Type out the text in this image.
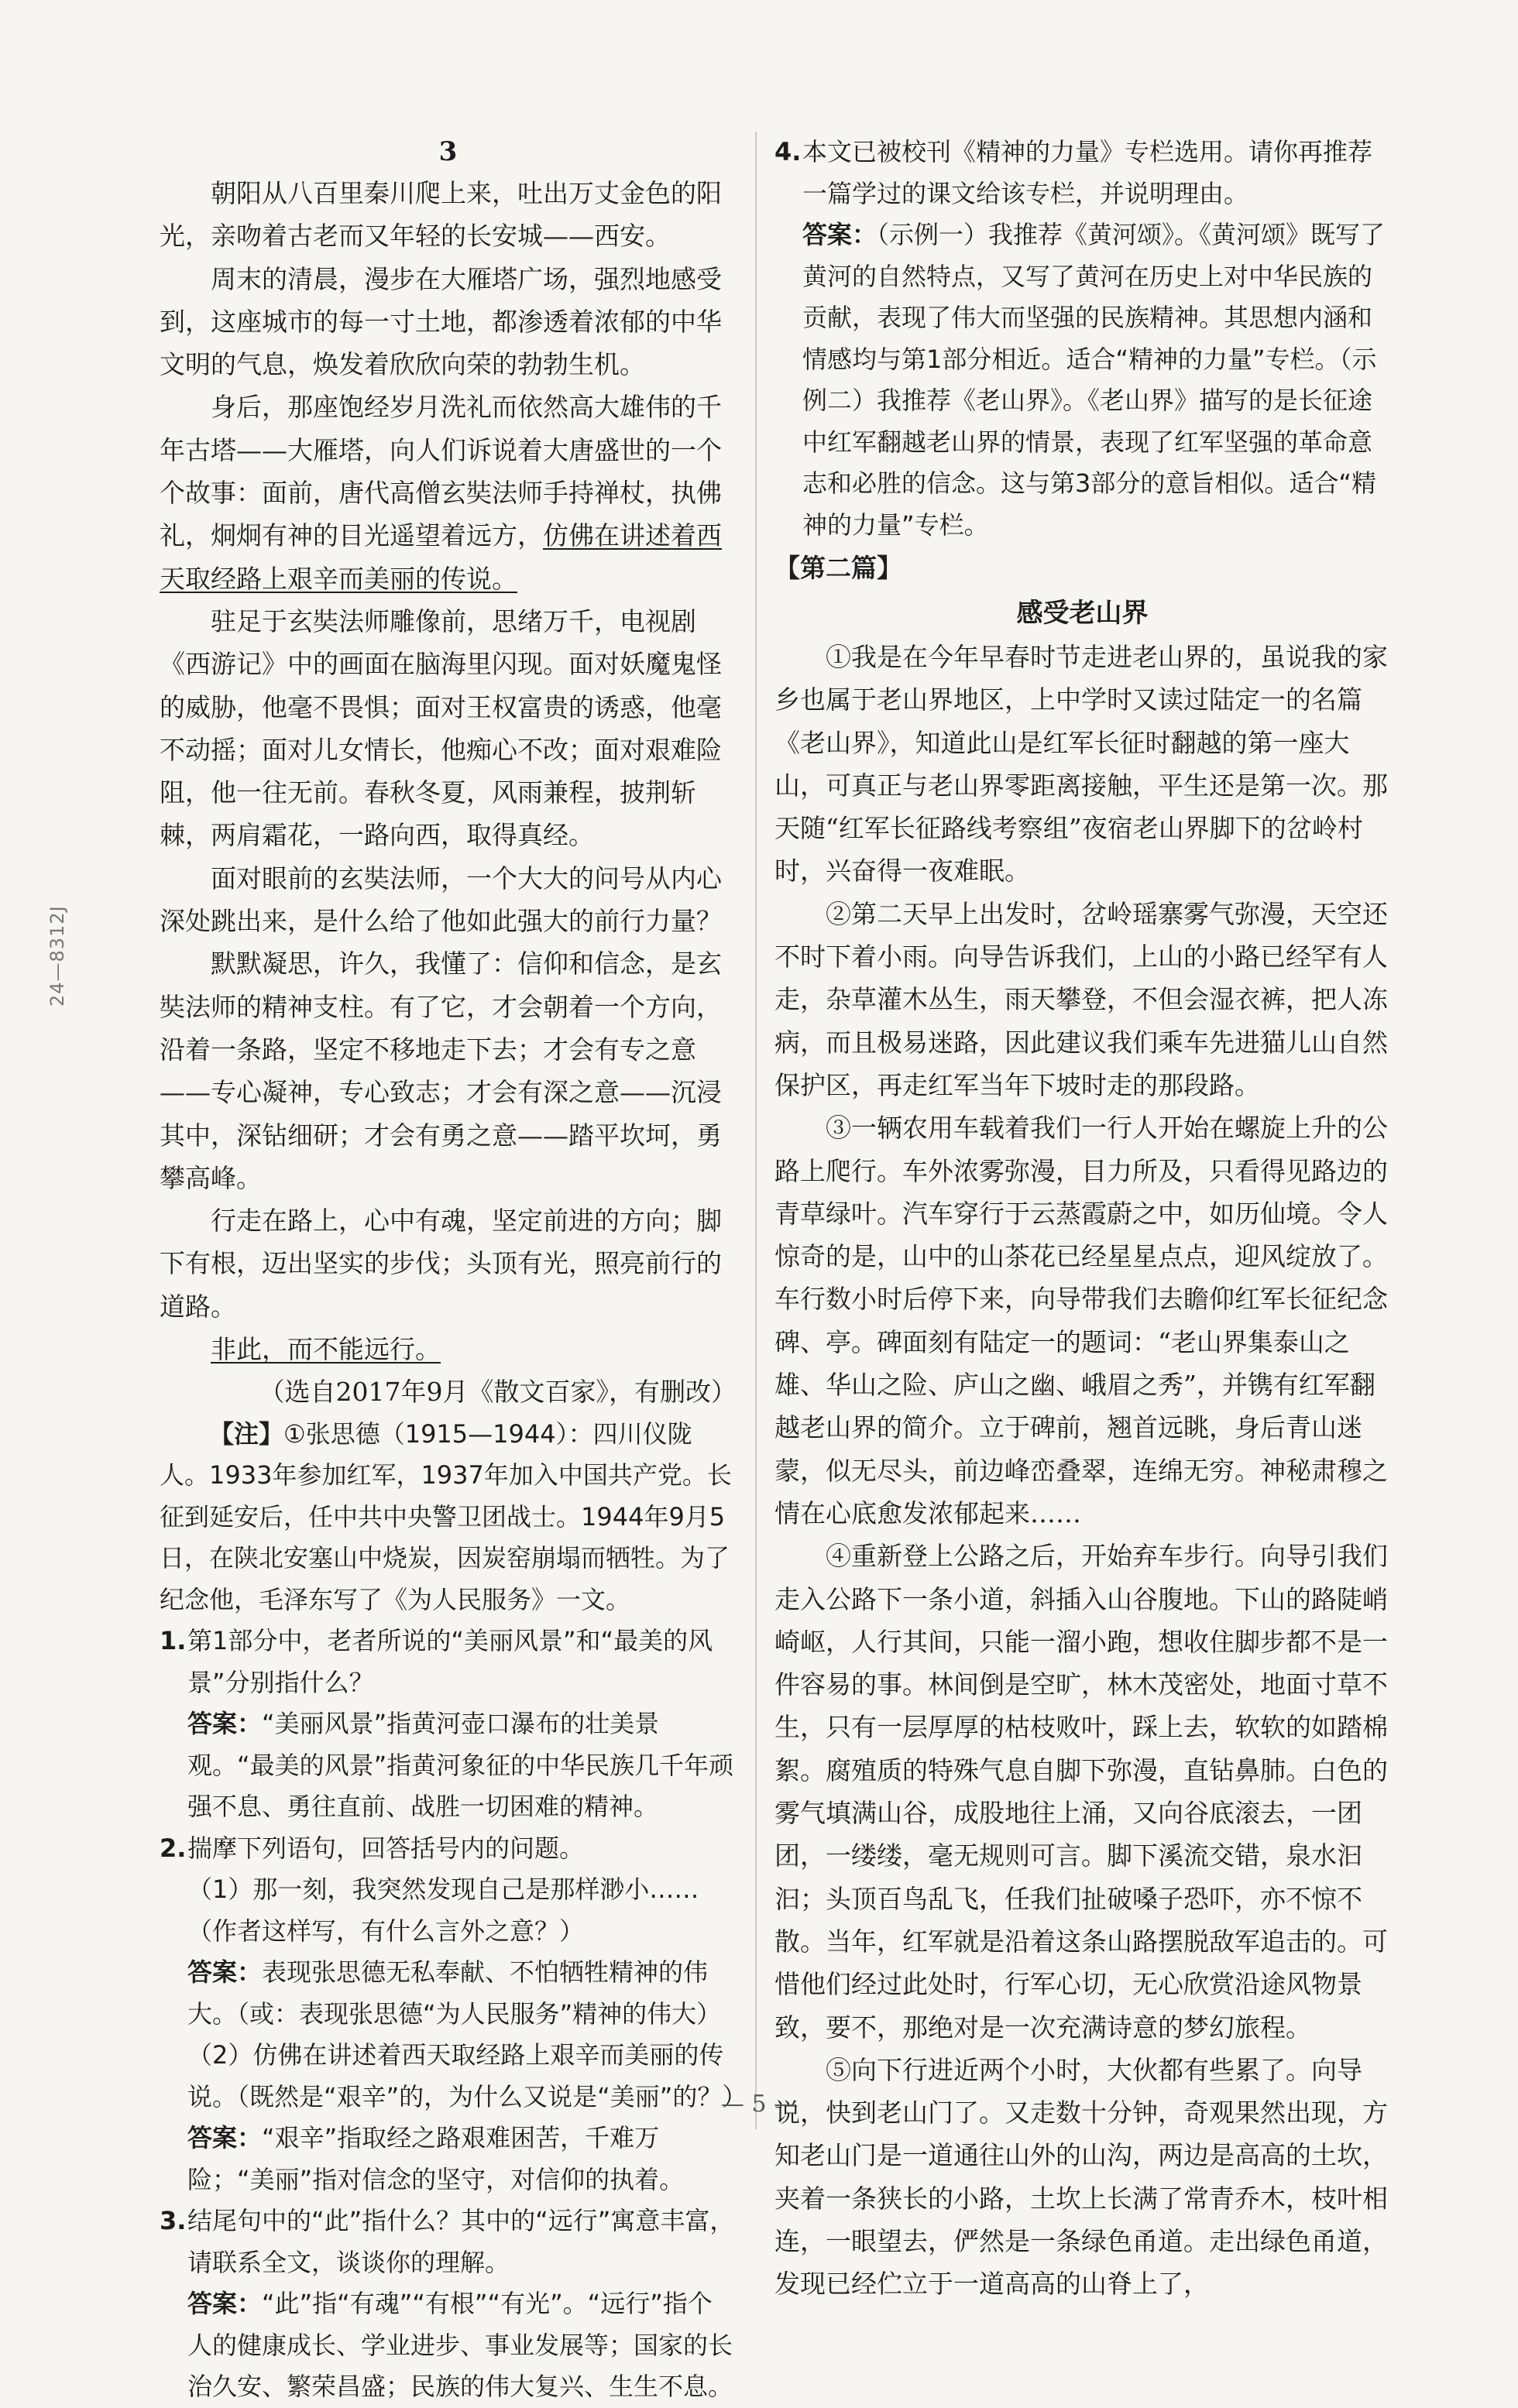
24—8312J

3

朝阳从八百里秦川爬上来，吐出万丈金色的阳光，亲吻着古老而又年轻的长安城——西安。

周末的清晨，漫步在大雁塔广场，强烈地感受到，这座城市的每一寸土地，都渗透着浓郁的中华文明的气息，焕发着欣欣向荣的勃勃生机。

身后，那座饱经岁月洗礼而依然高大雄伟的千年古塔——大雁塔，向人们诉说着大唐盛世的一个个故事：面前，唐代高僧玄奘法师手持禅杖，执佛礼，炯炯有神的目光遥望着远方，仿佛在讲述着西天取经路上艰辛而美丽的传说。

驻足于玄奘法师雕像前，思绪万千，电视剧《西游记》中的画面在脑海里闪现。面对妖魔鬼怪的威胁，他毫不畏惧；面对王权富贵的诱惑，他毫不动摇；面对儿女情长，他痴心不改；面对艰难险阻，他一往无前。春秋冬夏，风雨兼程，披荆斩棘，两肩霜花，一路向西，取得真经。

面对眼前的玄奘法师，一个大大的问号从内心深处跳出来，是什么给了他如此强大的前行力量？

默默凝思，许久，我懂了：信仰和信念，是玄奘法师的精神支柱。有了它，才会朝着一个方向，沿着一条路，坚定不移地走下去；才会有专之意——专心凝神，专心致志；才会有深之意——沉浸其中，深钻细研；才会有勇之意——踏平坎坷，勇攀高峰。

行走在路上，心中有魂，坚定前进的方向；脚下有根，迈出坚实的步伐；头顶有光，照亮前行的道路。

非此，而不能远行。

（选自2017年9月《散文百家》，有删改）

【注】①张思德（1915—1944）：四川仪陇人。1933年参加红军，1937年加入中国共产党。长征到延安后，任中共中央警卫团战士。1944年9月5日，在陕北安塞山中烧炭，因炭窑崩塌而牺牲。为了纪念他，毛泽东写了《为人民服务》一文。

1. 第1部分中，老者所说的“美丽风景”和“最美的风景”分别指什么？

答案：“美丽风景”指黄河壶口瀑布的壮美景观。“最美的风景”指黄河象征的中华民族几千年顽强不息、勇往直前、战胜一切困难的精神。

2. 揣摩下列语句，回答括号内的问题。

（1）那一刻，我突然发现自己是那样渺小……（作者这样写，有什么言外之意？）

答案：表现张思德无私奉献、不怕牺牲精神的伟大。（或：表现张思德“为人民服务”精神的伟大）

（2）仿佛在讲述着西天取经路上艰辛而美丽的传说。（既然是“艰辛”的，为什么又说是“美丽”的？）

答案：“艰辛”指取经之路艰难困苦，千难万险；“美丽”指对信念的坚守，对信仰的执着。

3. 结尾句中的“此”指什么？其中的“远行”寓意丰富，请联系全文，谈谈你的理解。

答案：“此”指“有魂”“有根”“有光”。“远行”指个人的健康成长、学业进步、事业发展等；国家的长治久安、繁荣昌盛；民族的伟大复兴、生生不息。

4. 本文已被校刊《精神的力量》专栏选用。请你再推荐一篇学过的课文给该专栏，并说明理由。

答案：（示例一）我推荐《黄河颂》。《黄河颂》既写了黄河的自然特点，又写了黄河在历史上对中华民族的贡献，表现了伟大而坚强的民族精神。其思想内涵和情感均与第1部分相近。适合“精神的力量”专栏。（示例二）我推荐《老山界》。《老山界》描写的是长征途中红军翻越老山界的情景，表现了红军坚强的革命意志和必胜的信念。这与第3部分的意旨相似。适合“精神的力量”专栏。

【第二篇】

感受老山界

①我是在今年早春时节走进老山界的，虽说我的家乡也属于老山界地区，上中学时又读过陆定一的名篇《老山界》，知道此山是红军长征时翻越的第一座大山，可真正与老山界零距离接触，平生还是第一次。那天随“红军长征路线考察组”夜宿老山界脚下的岔岭村时，兴奋得一夜难眠。

②第二天早上出发时，岔岭瑶寨雾气弥漫，天空还不时下着小雨。向导告诉我们，上山的小路已经罕有人走，杂草灌木丛生，雨天攀登，不但会湿衣裤，把人冻病，而且极易迷路，因此建议我们乘车先进猫儿山自然保护区，再走红军当年下坡时走的那段路。

③一辆农用车载着我们一行人开始在螺旋上升的公路上爬行。车外浓雾弥漫，目力所及，只看得见路边的青草绿叶。汽车穿行于云蒸霞蔚之中，如历仙境。令人惊奇的是，山中的山茶花已经星星点点，迎风绽放了。车行数小时后停下来，向导带我们去瞻仰红军长征纪念碑、亭。碑面刻有陆定一的题词：“老山界集泰山之雄、华山之险、庐山之幽、峨眉之秀”，并镌有红军翻越老山界的简介。立于碑前，翘首远眺，身后青山迷蒙，似无尽头，前边峰峦叠翠，连绵无穷。神秘肃穆之情在心底愈发浓郁起来……

④重新登上公路之后，开始弃车步行。向导引我们走入公路下一条小道，斜插入山谷腹地。下山的路陡峭崎岖，人行其间，只能一溜小跑，想收住脚步都不是一件容易的事。林间倒是空旷，林木茂密处，地面寸草不生，只有一层厚厚的枯枝败叶，踩上去，软软的如踏棉絮。腐殖质的特殊气息自脚下弥漫，直钻鼻肺。白色的雾气填满山谷，成股地往上涌，又向谷底滚去，一团团，一缕缕，毫无规则可言。脚下溪流交错，泉水汩汩；头顶百鸟乱飞，任我们扯破嗓子恐吓，亦不惊不散。当年，红军就是沿着这条山路摆脱敌军追击的。可惜他们经过此处时，行军心切，无心欣赏沿途风物景致，要不，那绝对是一次充满诗意的梦幻旅程。

⑤向下行进近两个小时，大伙都有些累了。向导说，快到老山门了。又走数十分钟，奇观果然出现，方知老山门是一道通往山外的山沟，两边是高高的土坎，夹着一条狭长的小路，土坎上长满了常青乔木，枝叶相连，一眼望去，俨然是一条绿色甬道。走出绿色甬道，发现已经伫立于一道高高的山脊上了，

— 5 —
